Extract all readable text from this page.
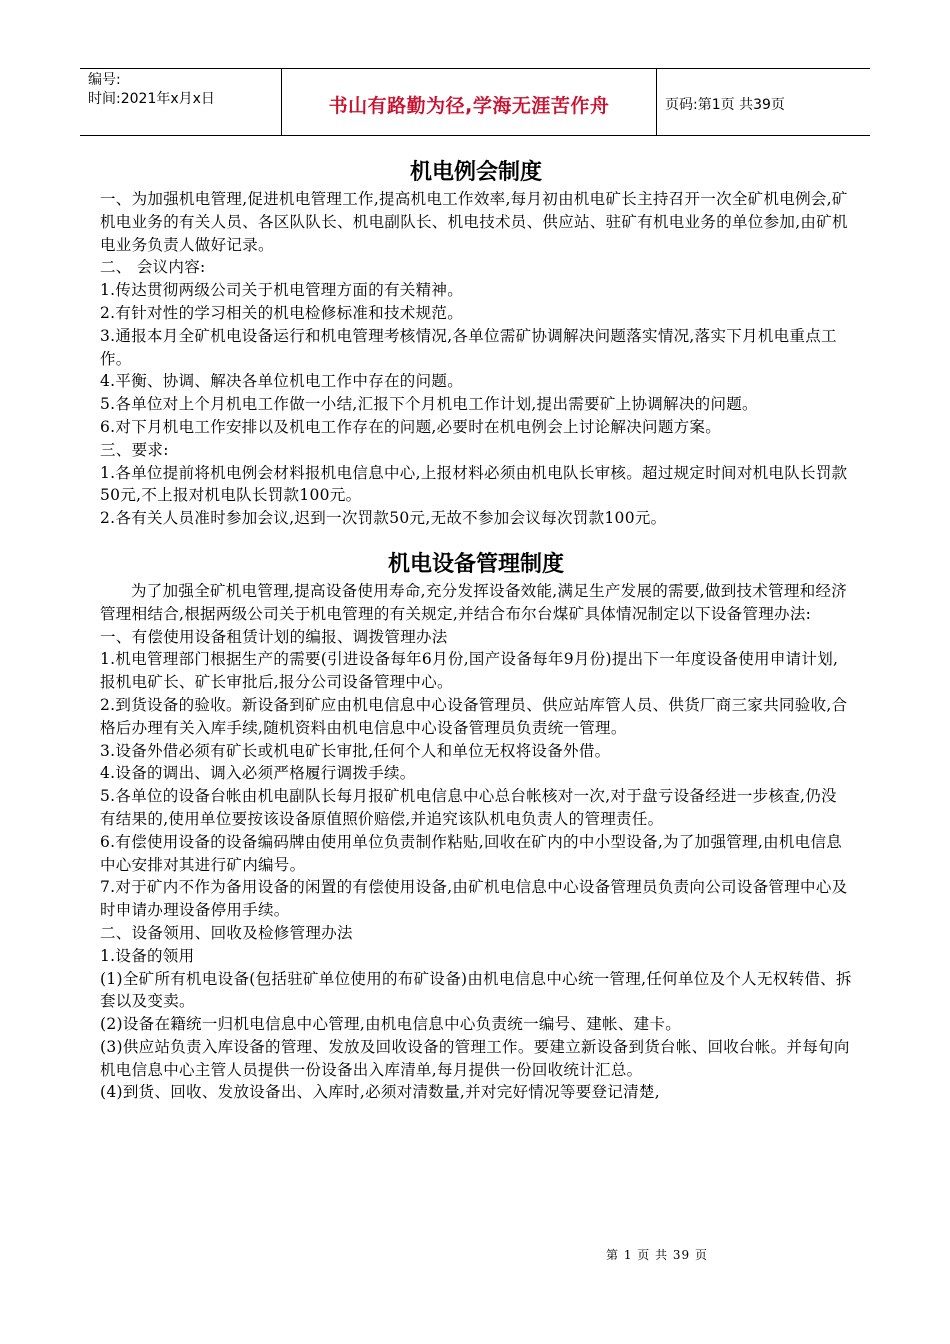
编号:
时间:2021年x月x日	书山有路勤为径,学海无涯苦作舟	页码:第1页 共39页
机电例会制度

一、为加强机电管理,促进机电管理工作,提高机电工作效率,每月初由机电矿长主持召开一次全矿机电例会,矿机电业务的有关人员、各区队队长、机电副队长、机电技术员、供应站、驻矿有机电业务的单位参加,由矿机电业务负责人做好记录。

二、 会议内容:

1.传达贯彻两级公司关于机电管理方面的有关精神。

2.有针对性的学习相关的机电检修标准和技术规范。

3.通报本月全矿机电设备运行和机电管理考核情况,各单位需矿协调解决问题落实情况,落实下月机电重点工作。

4.平衡、协调、解决各单位机电工作中存在的问题。

5.各单位对上个月机电工作做一小结,汇报下个月机电工作计划,提出需要矿上协调解决的问题。

6.对下月机电工作安排以及机电工作存在的问题,必要时在机电例会上讨论解决问题方案。

三、要求:

1.各单位提前将机电例会材料报机电信息中心,上报材料必须由机电队长审核。超过规定时间对机电队长罚款50元,不上报对机电队长罚款100元。

2.各有关人员准时参加会议,迟到一次罚款50元,无故不参加会议每次罚款100元。

机电设备管理制度

为了加强全矿机电管理,提高设备使用寿命,充分发挥设备效能,满足生产发展的需要,做到技术管理和经济管理相结合,根据两级公司关于机电管理的有关规定,并结合布尔台煤矿具体情况制定以下设备管理办法:

一、有偿使用设备租赁计划的编报、调拨管理办法

1.机电管理部门根据生产的需要(引进设备每年6月份,国产设备每年9月份)提出下一年度设备使用申请计划,报机电矿长、矿长审批后,报分公司设备管理中心。

2.到货设备的验收。新设备到矿应由机电信息中心设备管理员、供应站库管人员、供货厂商三家共同验收,合格后办理有关入库手续,随机资料由机电信息中心设备管理员负责统一管理。

3.设备外借必须有矿长或机电矿长审批,任何个人和单位无权将设备外借。

4.设备的调出、调入必须严格履行调拨手续。

5.各单位的设备台帐由机电副队长每月报矿机电信息中心总台帐核对一次,对于盘亏设备经进一步核查,仍没有结果的,使用单位要按该设备原值照价赔偿,并追究该队机电负责人的管理责任。

6.有偿使用设备的设备编码牌由使用单位负责制作粘贴,回收在矿内的中小型设备,为了加强管理,由机电信息中心安排对其进行矿内编号。

7.对于矿内不作为备用设备的闲置的有偿使用设备,由矿机电信息中心设备管理员负责向公司设备管理中心及时申请办理设备停用手续。

二、设备领用、回收及检修管理办法

1.设备的领用

(1)全矿所有机电设备(包括驻矿单位使用的布矿设备)由机电信息中心统一管理,任何单位及个人无权转借、拆套以及变卖。

(2)设备在籍统一归机电信息中心管理,由机电信息中心负责统一编号、建帐、建卡。

(3)供应站负责入库设备的管理、发放及回收设备的管理工作。要建立新设备到货台帐、回收台帐。并每旬向机电信息中心主管人员提供一份设备出入库清单,每月提供一份回收统计汇总。

(4)到货、回收、发放设备出、入库时,必须对清数量,并对完好情况等要登记清楚,

第 1 页 共 39 页
